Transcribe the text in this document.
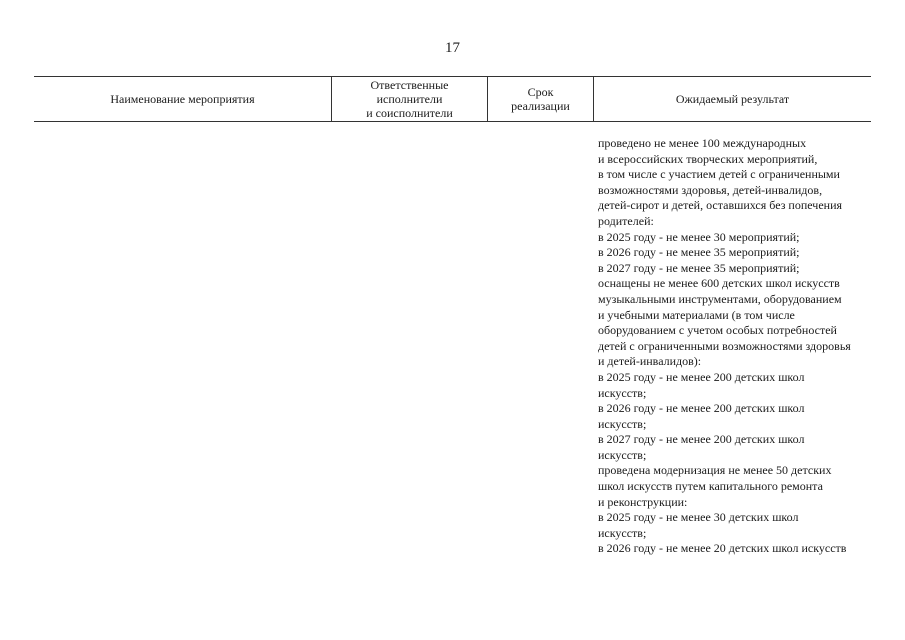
17
Наименование мероприятия
Ответственные
исполнители
и соисполнители
Срок
реализации	Ожидаемый результат
проведено не менее 100 международных
и всероссийских творческих мероприятий,
в том числе с участием детей с ограниченными
возможностями здоровья, детей-инвалидов,
детей-сирот и детей, оставшихся без попечения
родителей:
в 2025 году - не менее 30 мероприятий;
в 2026 году - не менее 35 мероприятий;
в 2027 году - не менее 35 мероприятий;
оснащены не менее 600 детских школ искусств
музыкальными инструментами, оборудованием
и учебными материалами (в том числе
оборудованием с учетом особых потребностей
детей с ограниченными возможностями здоровья
и детей-инвалидов):
в 2025 году - не менее 200 детских школ
искусств;
в 2026 году - не менее 200 детских школ
искусств;
в 2027 году - не менее 200 детских школ
искусств;
проведена модернизация не менее 50 детских
школ искусств путем капитального ремонта
и реконструкции:
в 2025 году - не менее 30 детских школ
искусств;
в 2026 году - не менее 20 детских школ искусств
